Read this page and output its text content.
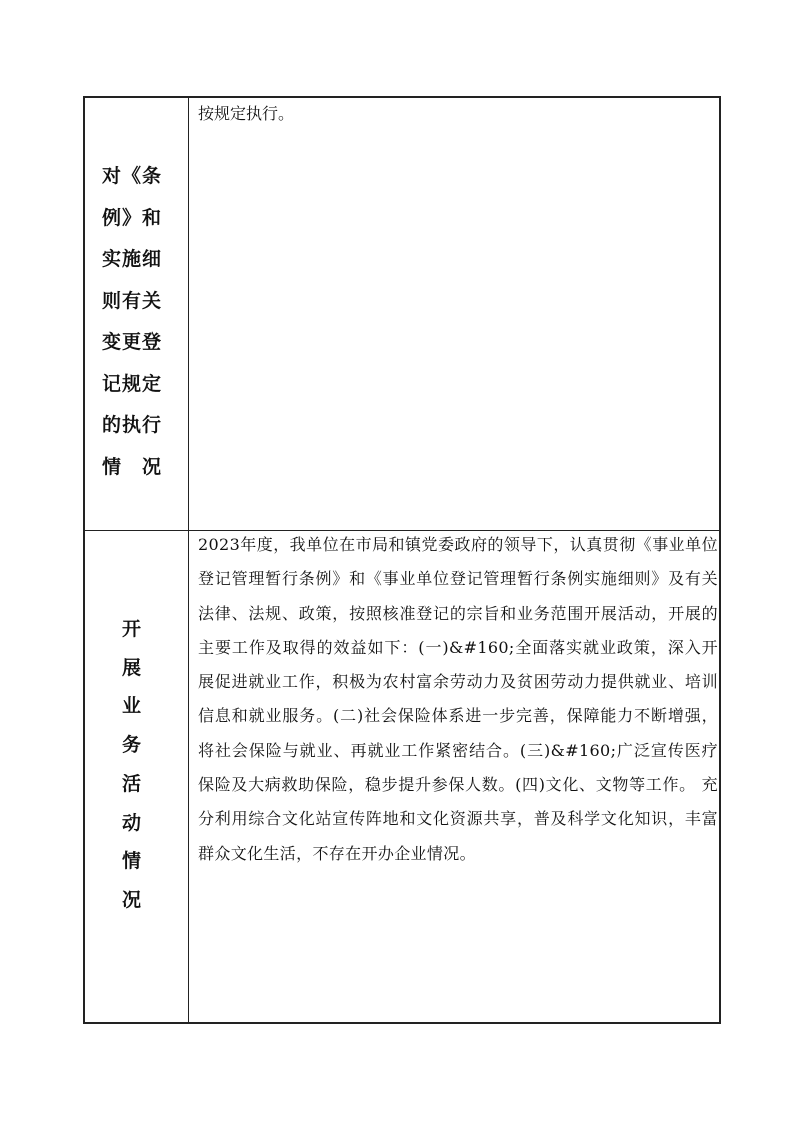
对《条
例》和
实施细
则有关
变更登
记规定
的执行
情　况

按规定执行。

开
展
业
务
活
动
情
况

2023年度，我单位在市局和镇党委政府的领导下，认真贯彻《事业单位登记管理暂行条例》和《事业单位登记管理暂行条例实施细则》及有关法律、法规、政策，按照核准登记的宗旨和业务范围开展活动，开展的主要工作及取得的效益如下：(一)&#160;全面落实就业政策，深入开展促进就业工作，积极为农村富余劳动力及贫困劳动力提供就业、培训信息和就业服务。(二)社会保险体系进一步完善，保障能力不断增强，将社会保险与就业、再就业工作紧密结合。(三)&#160;广泛宣传医疗保险及大病救助保险，稳步提升参保人数。(四)文化、文物等工作。 充分利用综合文化站宣传阵地和文化资源共享，普及科学文化知识，丰富群众文化生活，不存在开办企业情况。
